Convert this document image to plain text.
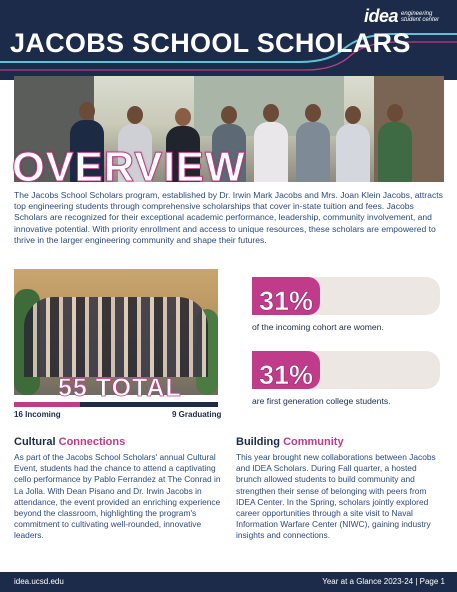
idea engineering student center
JACOBS SCHOOL SCHOLARS
OVERVIEW

The Jacobs School Scholars program, established by Dr. Irwin Mark Jacobs and Mrs. Joan Klein Jacobs, attracts top engineering students through comprehensive scholarships that cover in-state tuition and fees. Jacobs Scholars are recognized for their exceptional academic performance, leadership, community involvement, and innovative potential. With priority enrollment and access to unique resources, these scholars are empowered to thrive in the larger engineering community and shape their futures.

55 TOTAL
16 Incoming	9 Graduating
31%
of the incoming cohort are women.
31%
are first generation college students.
Cultural Connections

As part of the Jacobs School Scholars' annual Cultural Event, students had the chance to attend a captivating cello performance by Pablo Ferrandez at The Conrad in La Jolla. With Dean Pisano and Dr. Irwin Jacobs in attendance, the event provided an enriching experience beyond the classroom, highlighting the program's commitment to cultivating well-rounded, innovative leaders.

Building Community

This year brought new collaborations between Jacobs and IDEA Scholars. During Fall quarter, a hosted brunch allowed students to build community and strengthen their sense of belonging with peers from IDEA Center. In the Spring, scholars jointly explored career opportunities through a site visit to Naval Information Warfare Center (NIWC), gaining industry insights and connections.

idea.ucsd.edu	Year at a Glance 2023-24 | Page 1
